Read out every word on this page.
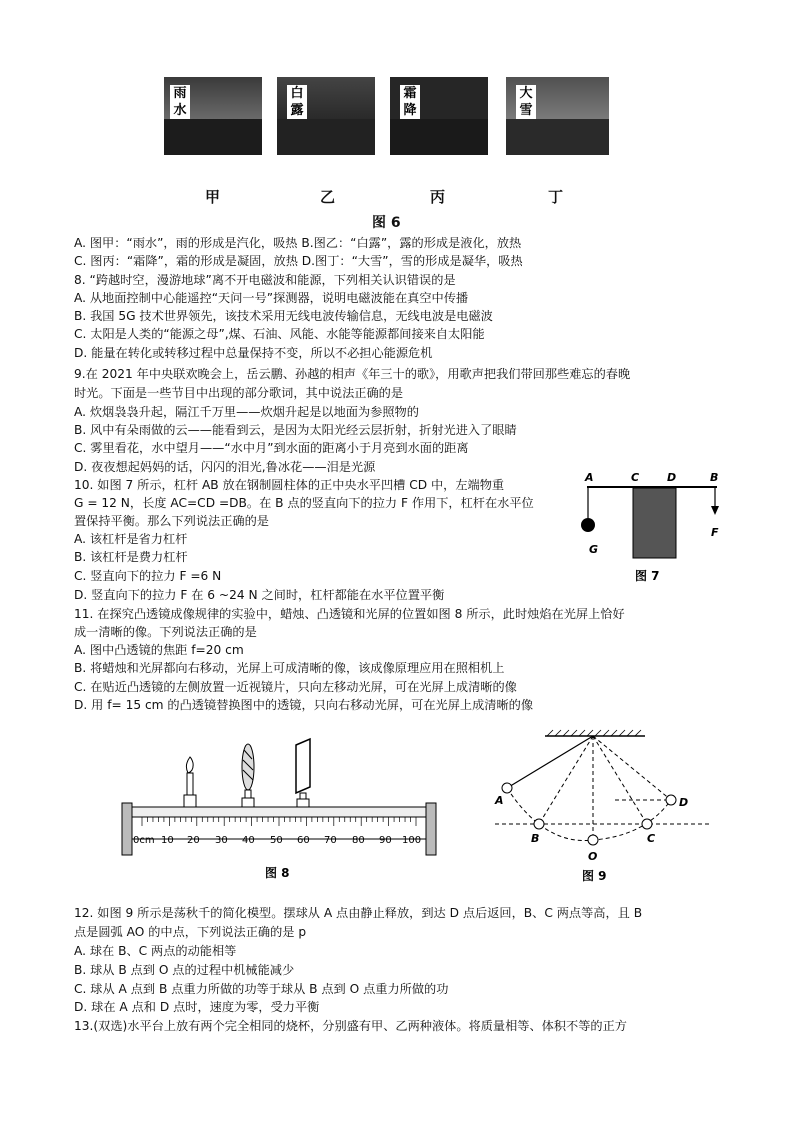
雨
水
白
露
霜
降
大
雪
甲	乙	丙	丁
图 6
A. 图甲：“雨水”，雨的形成是汽化，吸热 B.图乙：“白露”，露的形成是液化，放热
C. 图丙：“霜降”，霜的形成是凝固，放热 D.图丁：“大雪”，雪的形成是凝华，吸热
8. “跨越时空，漫游地球”离不开电磁波和能源，下列相关认识错误的是
A. 从地面控制中心能遥控“天问一号”探测器，说明电磁波能在真空中传播
B. 我国 5G 技术世界领先，该技术采用无线电波传输信息，无线电波是电磁波
C. 太阳是人类的“能源之母”,煤、石油、风能、水能等能源都间接来自太阳能
D. 能量在转化或转移过程中总量保持不变，所以不必担心能源危机
9.在 2021 年中央联欢晚会上，岳云鹏、孙越的相声《年三十的歌》，用歌声把我们带回那些难忘的春晚
时光。下面是一些节目中出现的部分歌词，其中说法正确的是
A. 炊烟袅袅升起，隔江千万里——炊烟升起是以地面为参照物的
B. 风中有朵雨做的云——能看到云，是因为太阳光经云层折射，折射光进入了眼睛
C. 雾里看花，水中望月——“水中月”到水面的距离小于月亮到水面的距离
D. 夜夜想起妈妈的话，闪闪的泪光,鲁冰花——泪是光源
10. 如图 7 所示，杠杆 AB 放在钢制圆柱体的正中央水平凹槽 CD 中，左端物重
G = 12 N，长度 AC=CD =DB。在 B 点的竖直向下的拉力 F 作用下，杠杆在水平位
置保持平衡。那么下列说法正确的是
A. 该杠杆是省力杠杆
B. 该杠杆是费力杠杆
C. 竖直向下的拉力 F =6 N
D. 竖直向下的拉力 F 在 6 ~24 N 之间时，杠杆都能在水平位置平衡
11. 在探究凸透镜成像规律的实验中，蜡烛、凸透镜和光屏的位置如图 8 所示，此时烛焰在光屏上恰好
成一清晰的像。下列说法正确的是
A. 图中凸透镜的焦距 f=20 cm
B. 将蜡烛和光屏都向右移动，光屏上可成清晰的像，该成像原理应用在照相机上
C. 在贴近凸透镜的左侧放置一近视镜片，只向左移动光屏，可在光屏上成清晰的像
D. 用 f= 15 cm 的凸透镜替换图中的透镜，只向右移动光屏，可在光屏上成清晰的像
A	C	D	B
G
F
图 7
0cm 10 20 30 40 50 60 70 80 90 100
图 8
A
B
O
C
D
图 9
12. 如图 9 所示是荡秋千的简化模型。摆球从 A 点由静止释放，到达 D 点后返回，B、C 两点等高，且 B
点是圆弧 AO 的中点，下列说法正确的是 p
A. 球在 B、C 两点的动能相等
B. 球从 B 点到 O 点的过程中机械能减少
C. 球从 A 点到 B 点重力所做的功等于球从 B 点到 O 点重力所做的功
D. 球在 A 点和 D 点时，速度为零，受力平衡
13.(双选)水平台上放有两个完全相同的烧杯，分别盛有甲、乙两种液体。将质量相等、体积不等的正方
